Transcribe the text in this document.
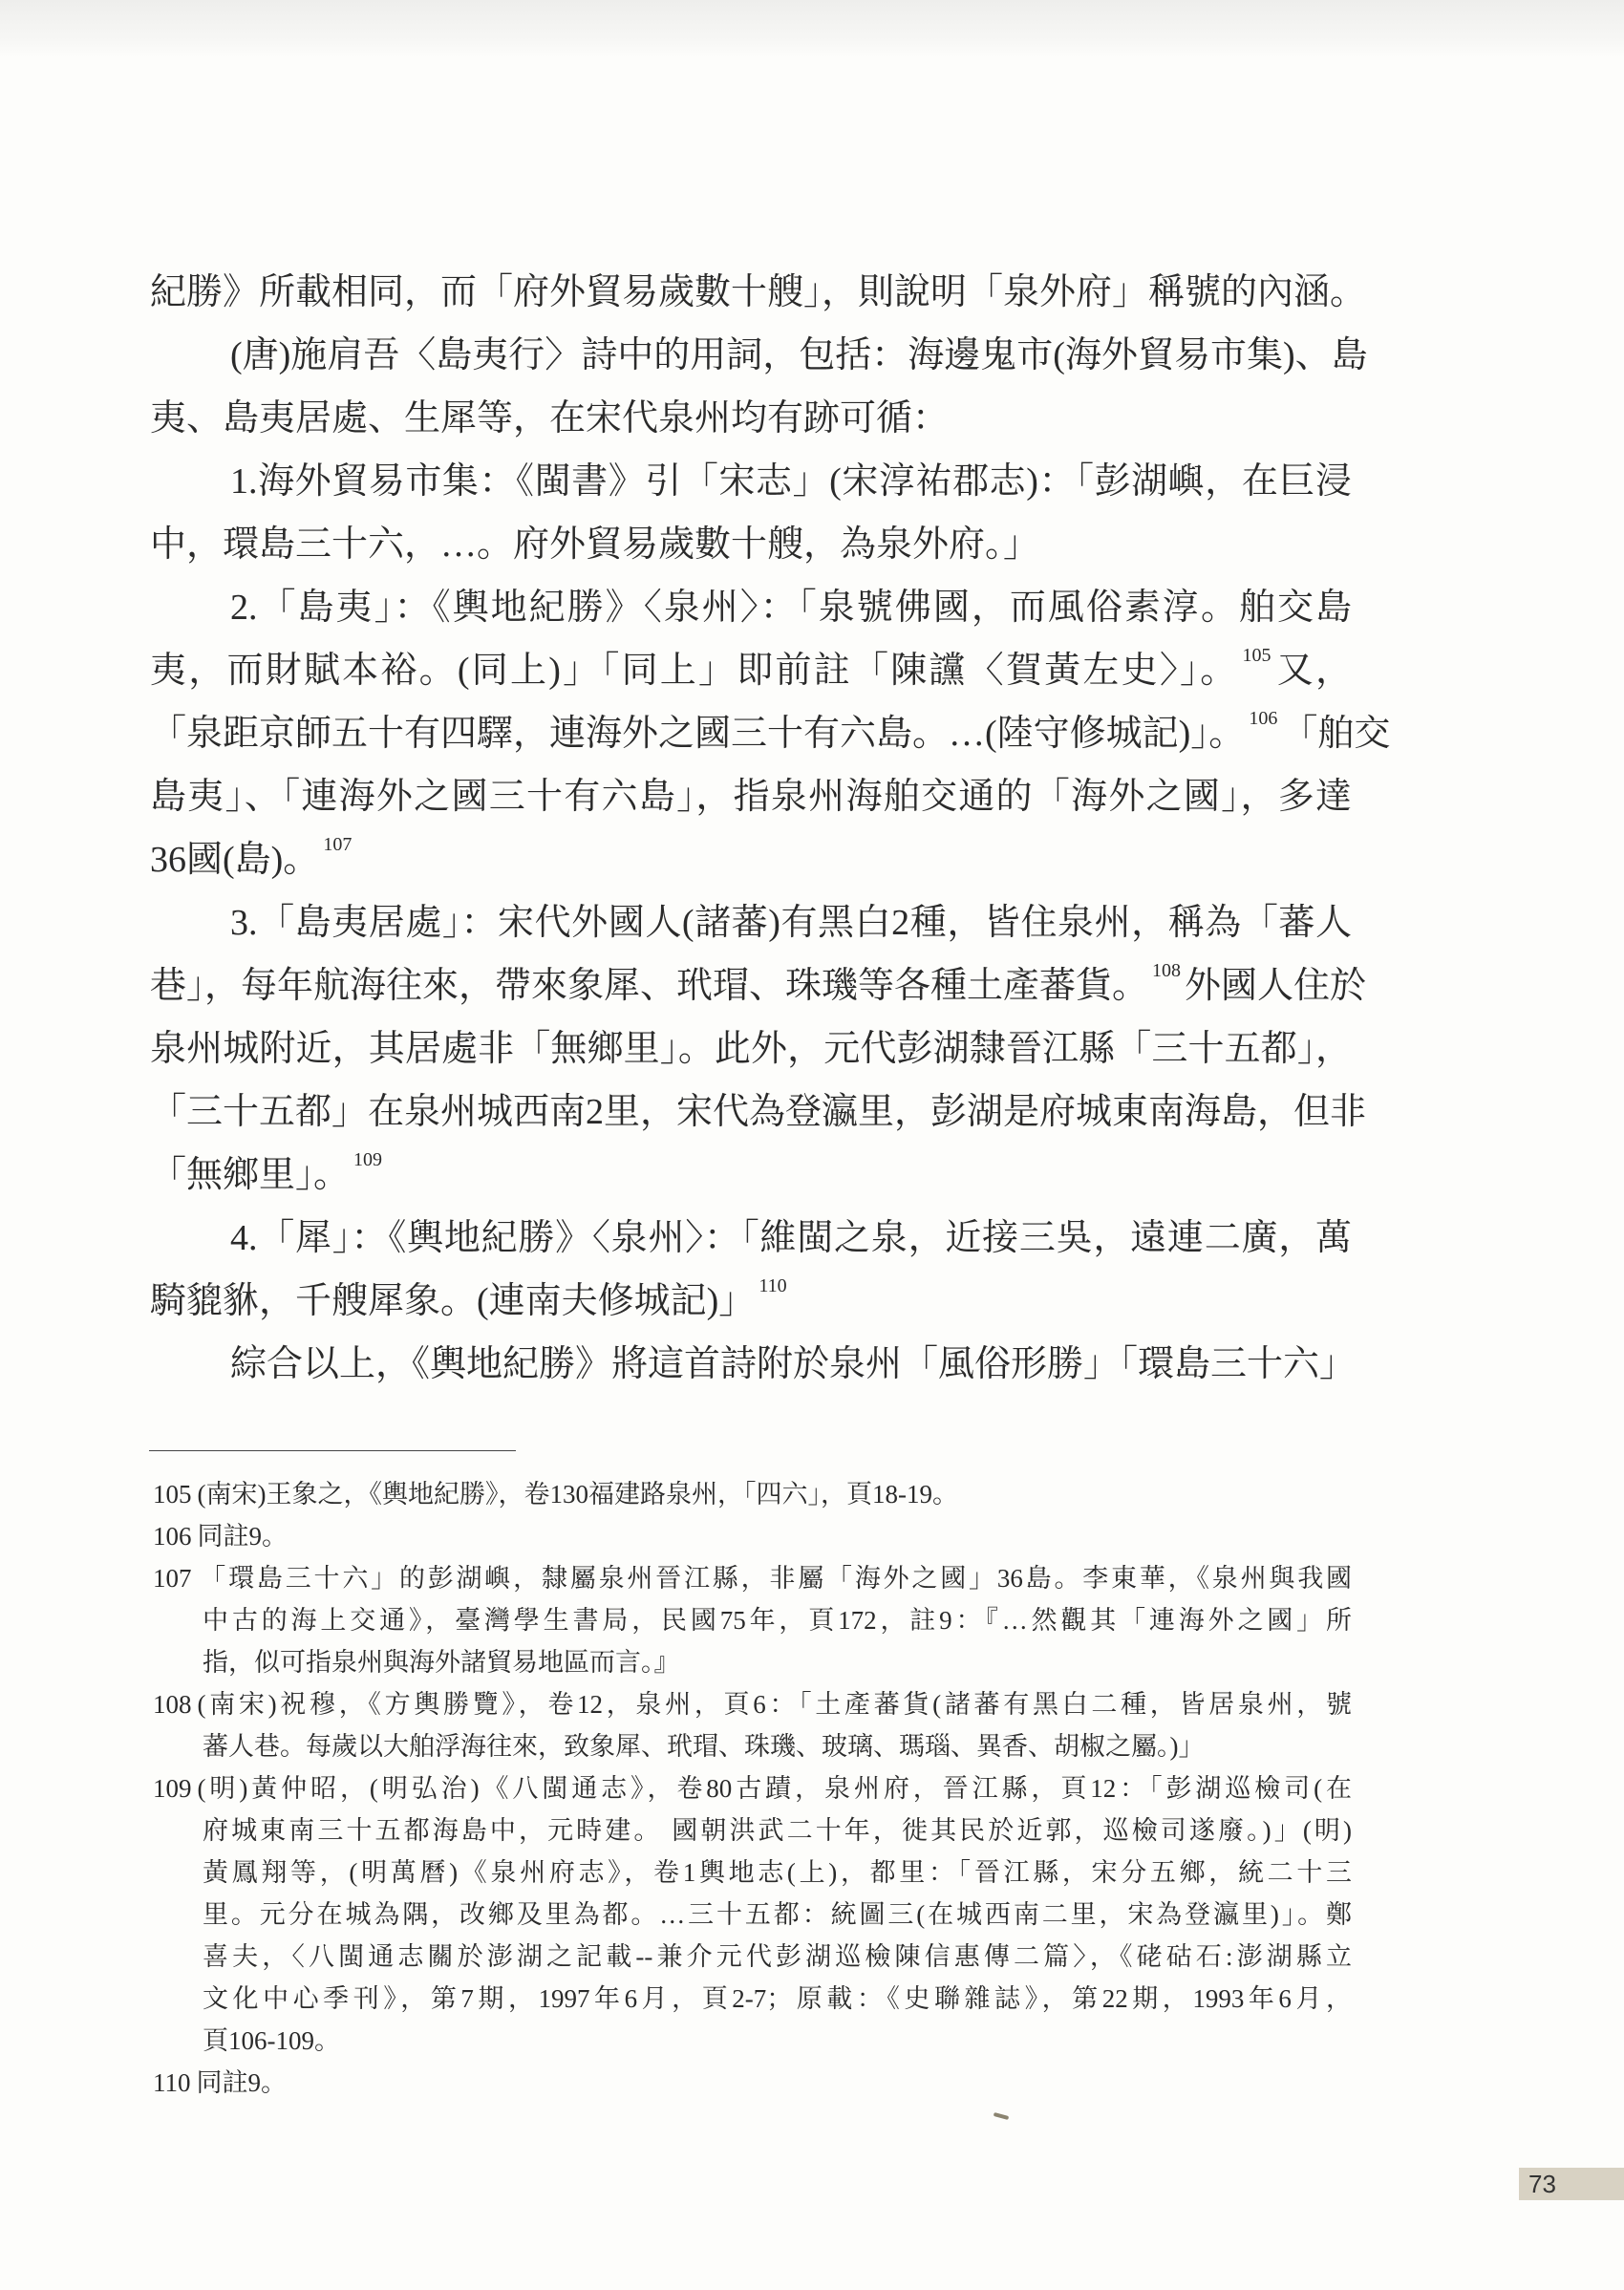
紀勝》所載相同，而「府外貿易歲數十艘」，則說明「泉外府」稱號的內涵。
(唐)施肩吾〈島夷行〉詩中的用詞，包括：海邊鬼市(海外貿易市集)、島
夷、島夷居處、生犀等，在宋代泉州均有跡可循：
1.海外貿易市集：《閩書》引「宋志」(宋淳祐郡志)：「彭湖嶼，在巨浸
中，環島三十六，…。府外貿易歲數十艘，為泉外府。」
2.「島夷」：《輿地紀勝》〈泉州〉：「泉號佛國，而風俗素淳。舶交島
夷，而財賦本裕。(同上)」「同上」即前註「陳讜〈賀黃左史〉」。 $^{105}$ 又，
「泉距京師五十有四驛，連海外之國三十有六島。…(陸守修城記)」。 $^{106}$ 「舶交
島夷」、「連海外之國三十有六島」，指泉州海舶交通的「海外之國」，多達
36國(島)。 $^{107}$
3.「島夷居處」：宋代外國人(諸蕃)有黑白2種，皆住泉州，稱為「蕃人
巷」，每年航海往來，帶來象犀、玳瑁、珠璣等各種土產蕃貨。 $^{108}$ 外國人住於
泉州城附近，其居處非「無鄉里」。此外，元代彭湖隸晉江縣「三十五都」，
「三十五都」在泉州城西南2里，宋代為登瀛里，彭湖是府城東南海島，但非
「無鄉里」。 $^{109}$
4.「犀」：《輿地紀勝》〈泉州〉：「維閩之泉，近接三吳，遠連二廣，萬
騎貔貅，千艘犀象。(連南夫修城記)」 $^{110}$
綜合以上，《輿地紀勝》將這首詩附於泉州「風俗形勝」「環島三十六」
105 (南宋)王象之，《輿地紀勝》，卷130福建路泉州，「四六」，頁18-19。
106 同註9。
107 「環島三十六」的彭湖嶼，隸屬泉州晉江縣，非屬「海外之國」36島。李東華，《泉州與我國
中古的海上交通》，臺灣學生書局，民國75年，頁172，註9：『…然觀其「連海外之國」所
指，似可指泉州與海外諸貿易地區而言。』
108 (南宋)祝穆，《方輿勝覽》，卷12，泉州，頁6：「土產蕃貨(諸蕃有黑白二種，皆居泉州，號
蕃人巷。每歲以大舶浮海往來，致象犀、玳瑁、珠璣、玻璃、瑪瑙、異香、胡椒之屬。)」
109 (明)黃仲昭，(明弘治)《八閩通志》，卷80古蹟，泉州府，晉江縣，頁12：「彭湖巡檢司(在
府城東南三十五都海島中，元時建。 國朝洪武二十年，徙其民於近郭，巡檢司遂廢。)」(明)
黃鳳翔等，(明萬曆)《泉州府志》，卷1輿地志(上)，都里：「晉江縣，宋分五鄉，統二十三
里。元分在城為隅，改鄉及里為都。…三十五都：統圖三(在城西南二里，宋為登瀛里)」。鄭
喜夫，〈八閩通志關於澎湖之記載--兼介元代彭湖巡檢陳信惠傳二篇〉，《硓𥑮石:澎湖縣立
文化中心季刊》，第7期，1997年6月，頁2-7；原載：《史聯雜誌》，第22期，1993年6月，
頁106-109。
110 同註9。
73
